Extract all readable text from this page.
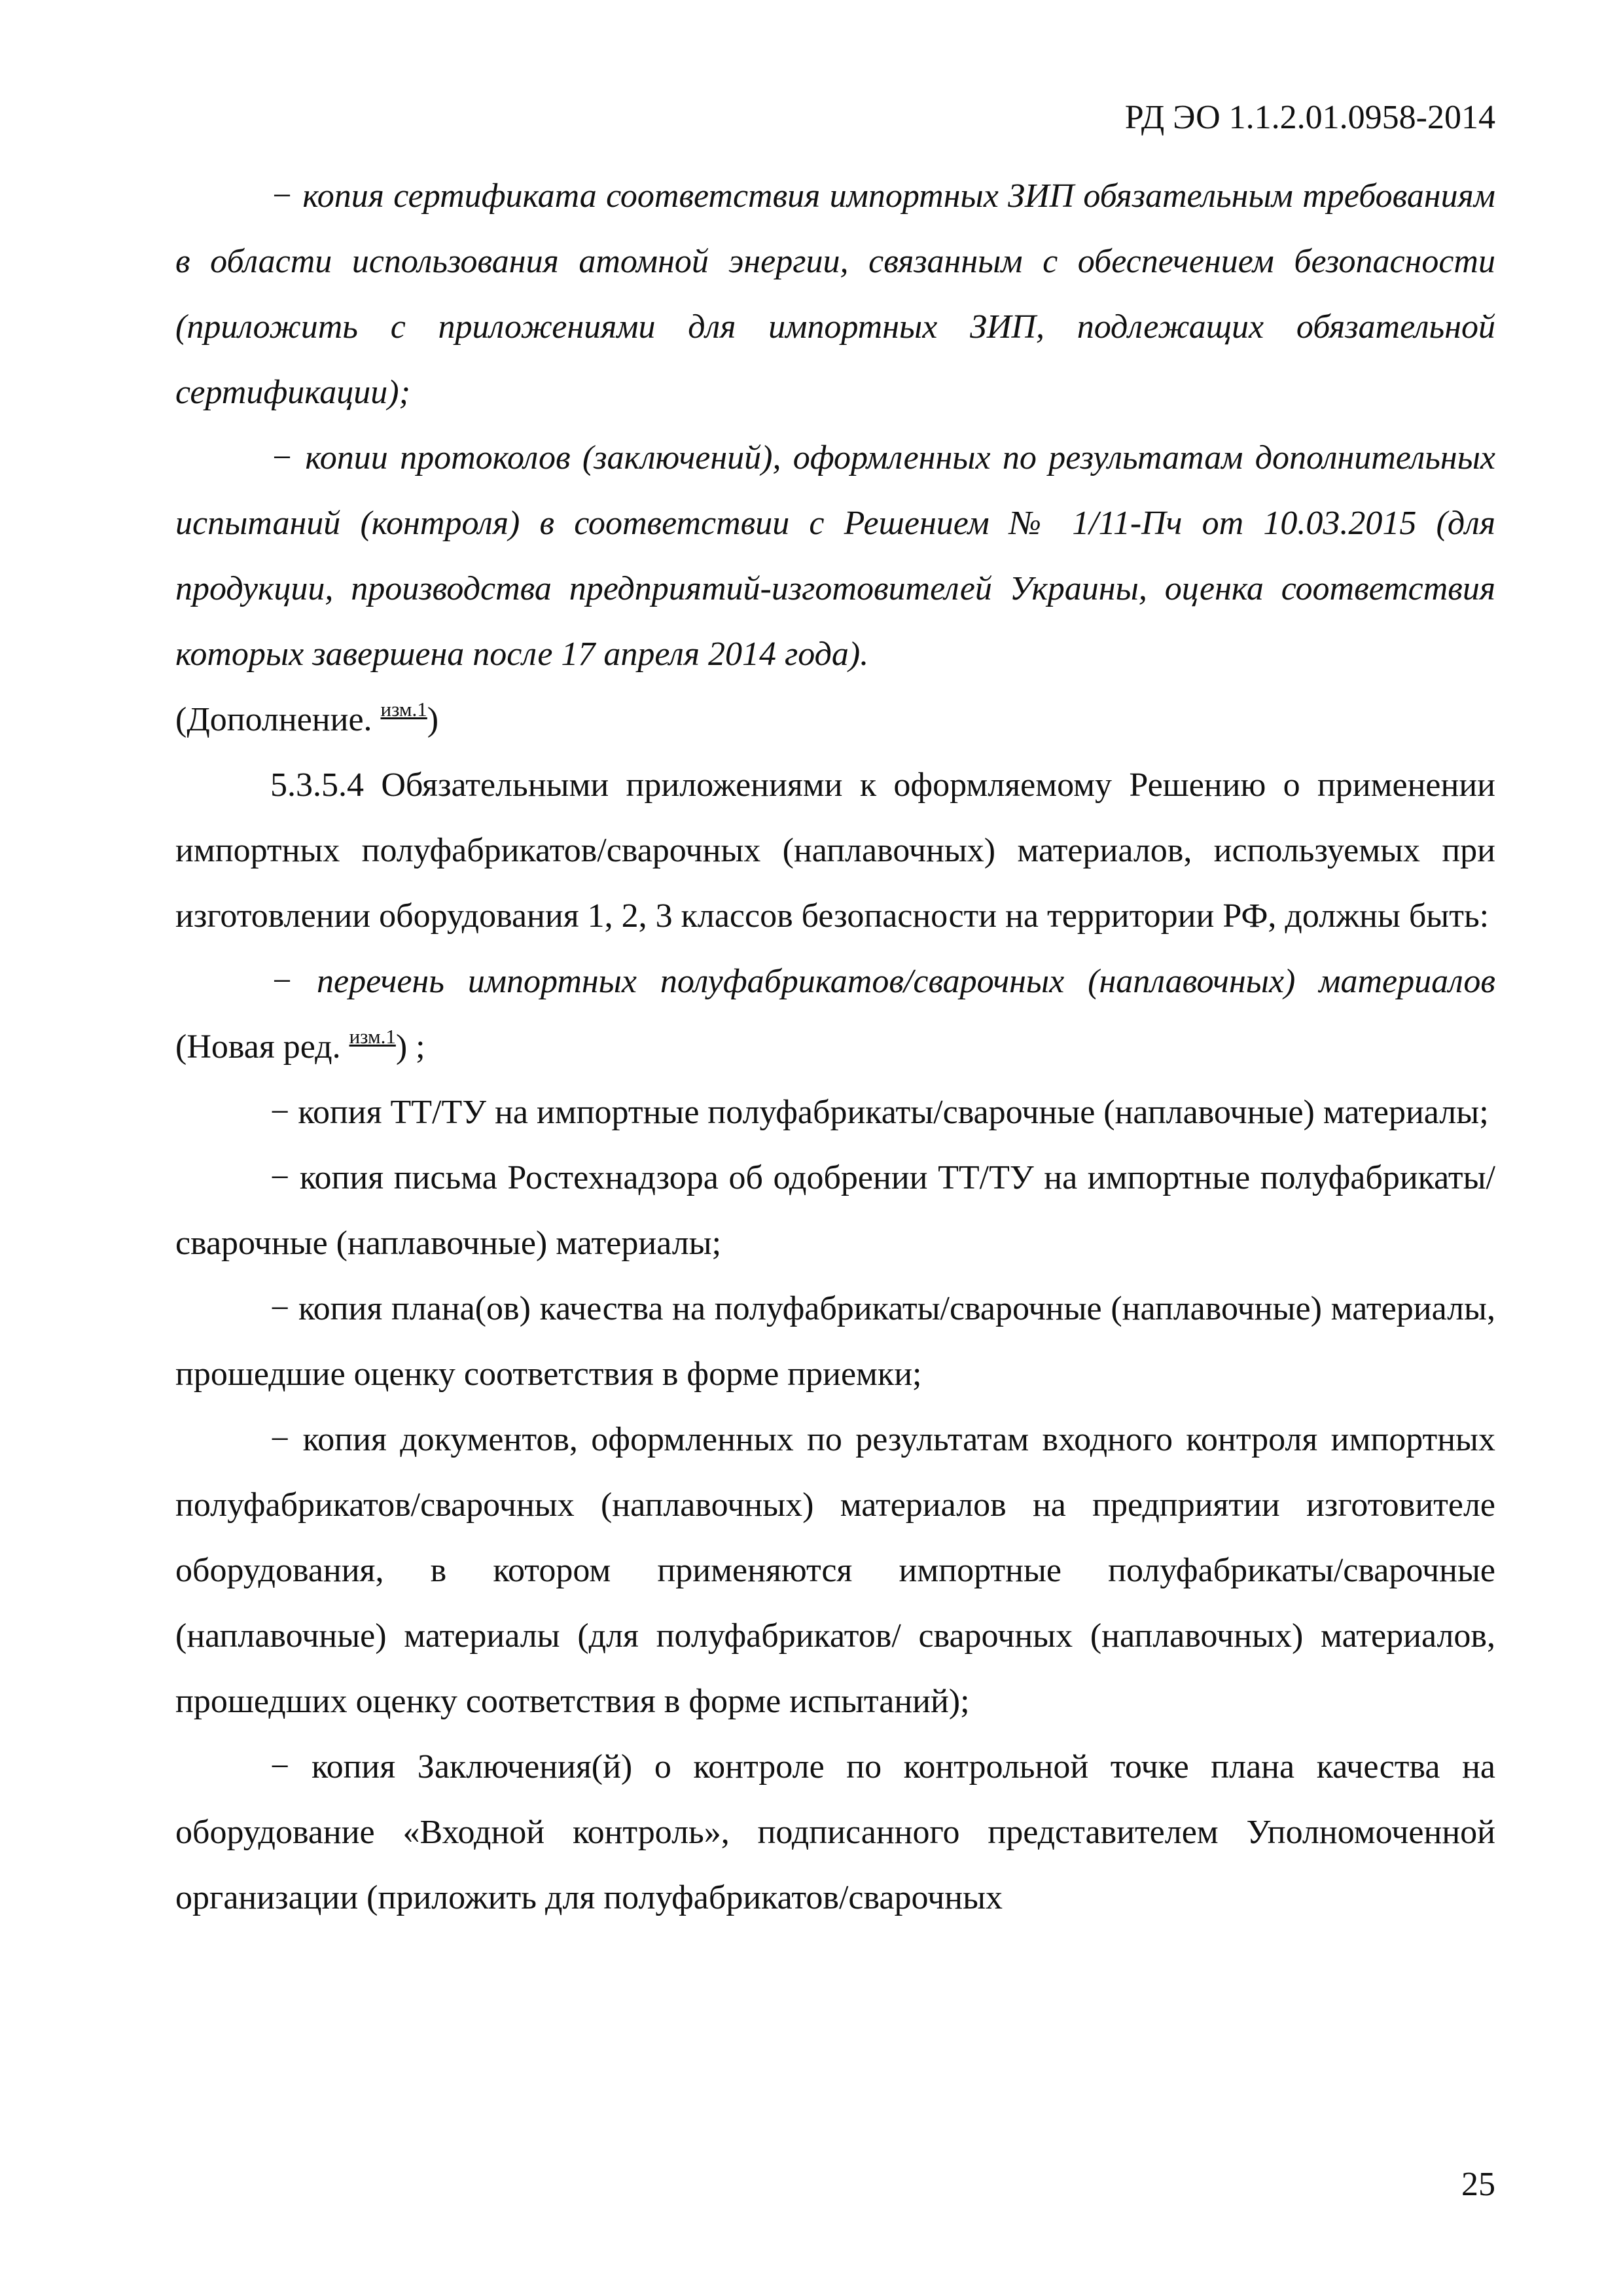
РД ЭО 1.1.2.01.0958-2014

− копия сертификата соответствия импортных ЗИП обязательным требованиям в области использования атомной энергии, связанным с обеспечением безопасности (приложить с приложениями для импортных ЗИП, подлежащих обязательной сертификации);

− копии протоколов (заключений), оформленных по результатам дополнительных испытаний (контроля) в соответствии с Решением № 1/11-Пч от 10.03.2015 (для продукции, производства предприятий-изготовителей Украины, оценка соответствия которых завершена после 17 апреля 2014 года).
(Дополнение. $^{изм.1}$)

5.3.5.4 Обязательными приложениями к оформляемому Решению о применении импортных полуфабрикатов/сварочных (наплавочных) материалов, используемых при изготовлении оборудования 1, 2, 3 классов безопасности на территории РФ, должны быть:

− перечень импортных полуфабрикатов/сварочных (наплавочных) материалов (Новая ред. $^{изм.1}$) ;

− копия ТТ/ТУ на импортные полуфабрикаты/сварочные (наплавочные) материалы;

− копия письма Ростехнадзора об одобрении ТТ/ТУ на импортные полуфабрикаты/сварочные (наплавочные) материалы;

− копия плана(ов) качества на полуфабрикаты/сварочные (наплавочные) материалы, прошедшие оценку соответствия в форме приемки;

− копия документов, оформленных по результатам входного контроля импортных полуфабрикатов/сварочных (наплавочных) материалов на предприятии изготовителе оборудования, в котором применяются импортные полуфабрикаты/сварочные (наплавочные) материалы (для полуфабрикатов/ сварочных (наплавочных) материалов, прошедших оценку соответствия в форме испытаний);

− копия Заключения(й) о контроле по контрольной точке плана качества на оборудование «Входной контроль», подписанного представителем Уполномоченной организации (приложить для полуфабрикатов/сварочных

25
